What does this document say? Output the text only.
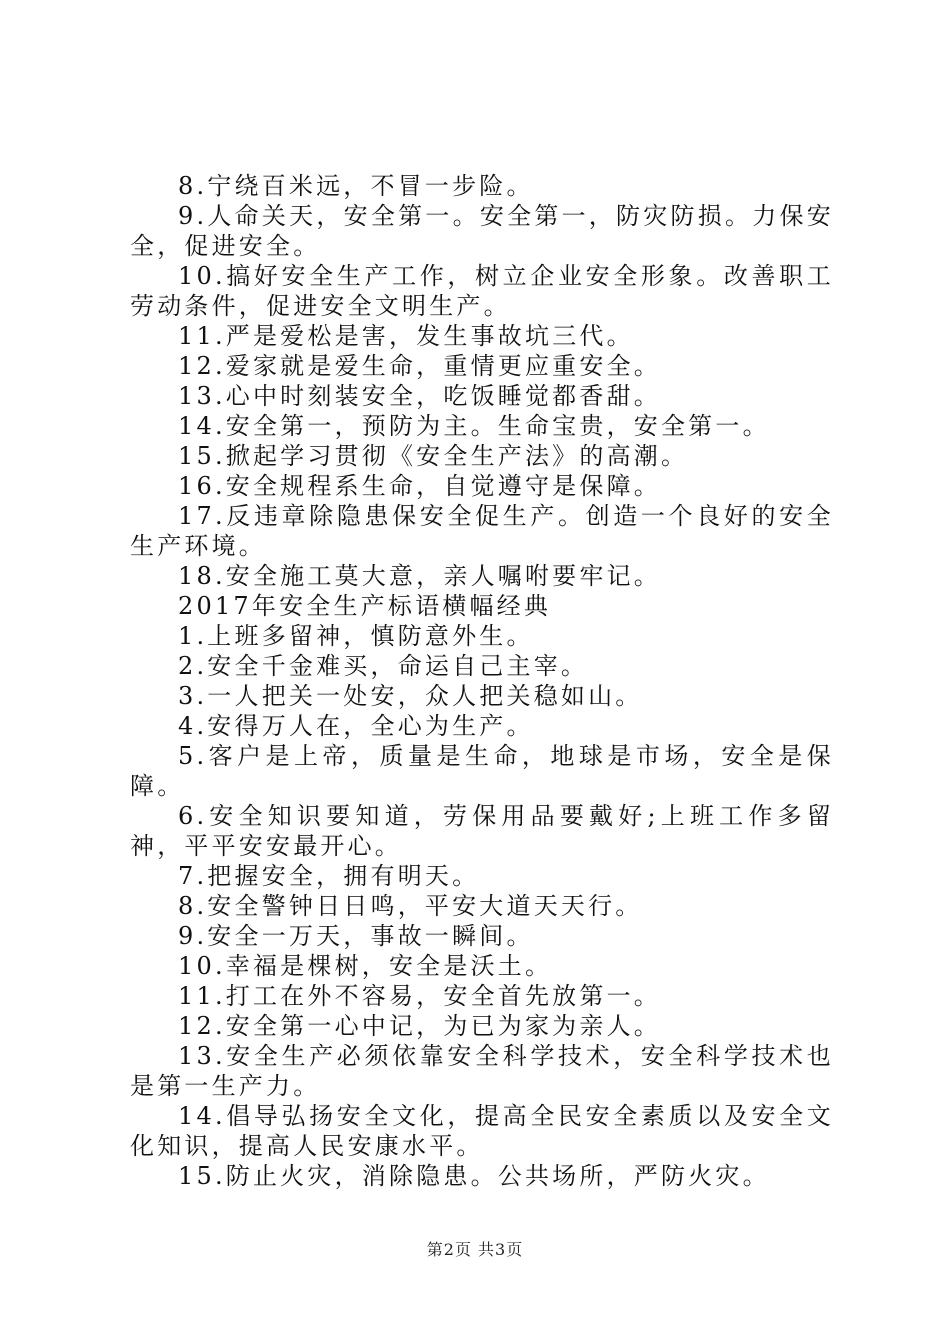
8.宁绕百米远，不冒一步险。

9.人命关天，安全第一。安全第一，防灾防损。力保安全，促进安全。

10.搞好安全生产工作，树立企业安全形象。改善职工劳动条件，促进安全文明生产。

11.严是爱松是害，发生事故坑三代。

12.爱家就是爱生命，重情更应重安全。

13.心中时刻装安全，吃饭睡觉都香甜。

14.安全第一，预防为主。生命宝贵，安全第一。

15.掀起学习贯彻《安全生产法》的高潮。

16.安全规程系生命，自觉遵守是保障。

17.反违章除隐患保安全促生产。创造一个良好的安全生产环境。

18.安全施工莫大意，亲人嘱咐要牢记。

2017年安全生产标语横幅经典

1.上班多留神，慎防意外生。

2.安全千金难买，命运自己主宰。

3.一人把关一处安，众人把关稳如山。

4.安得万人在，全心为生产。

5.客户是上帝，质量是生命，地球是市场，安全是保障。

6.安全知识要知道，劳保用品要戴好;上班工作多留神，平平安安最开心。

7.把握安全，拥有明天。

8.安全警钟日日鸣，平安大道天天行。

9.安全一万天，事故一瞬间。

10.幸福是棵树，安全是沃土。

11.打工在外不容易，安全首先放第一。

12.安全第一心中记，为已为家为亲人。

13.安全生产必须依靠安全科学技术，安全科学技术也是第一生产力。

14.倡导弘扬安全文化，提高全民安全素质以及安全文化知识，提高人民安康水平。

15.防止火灾，消除隐患。公共场所，严防火灾。

第2页 共3页
